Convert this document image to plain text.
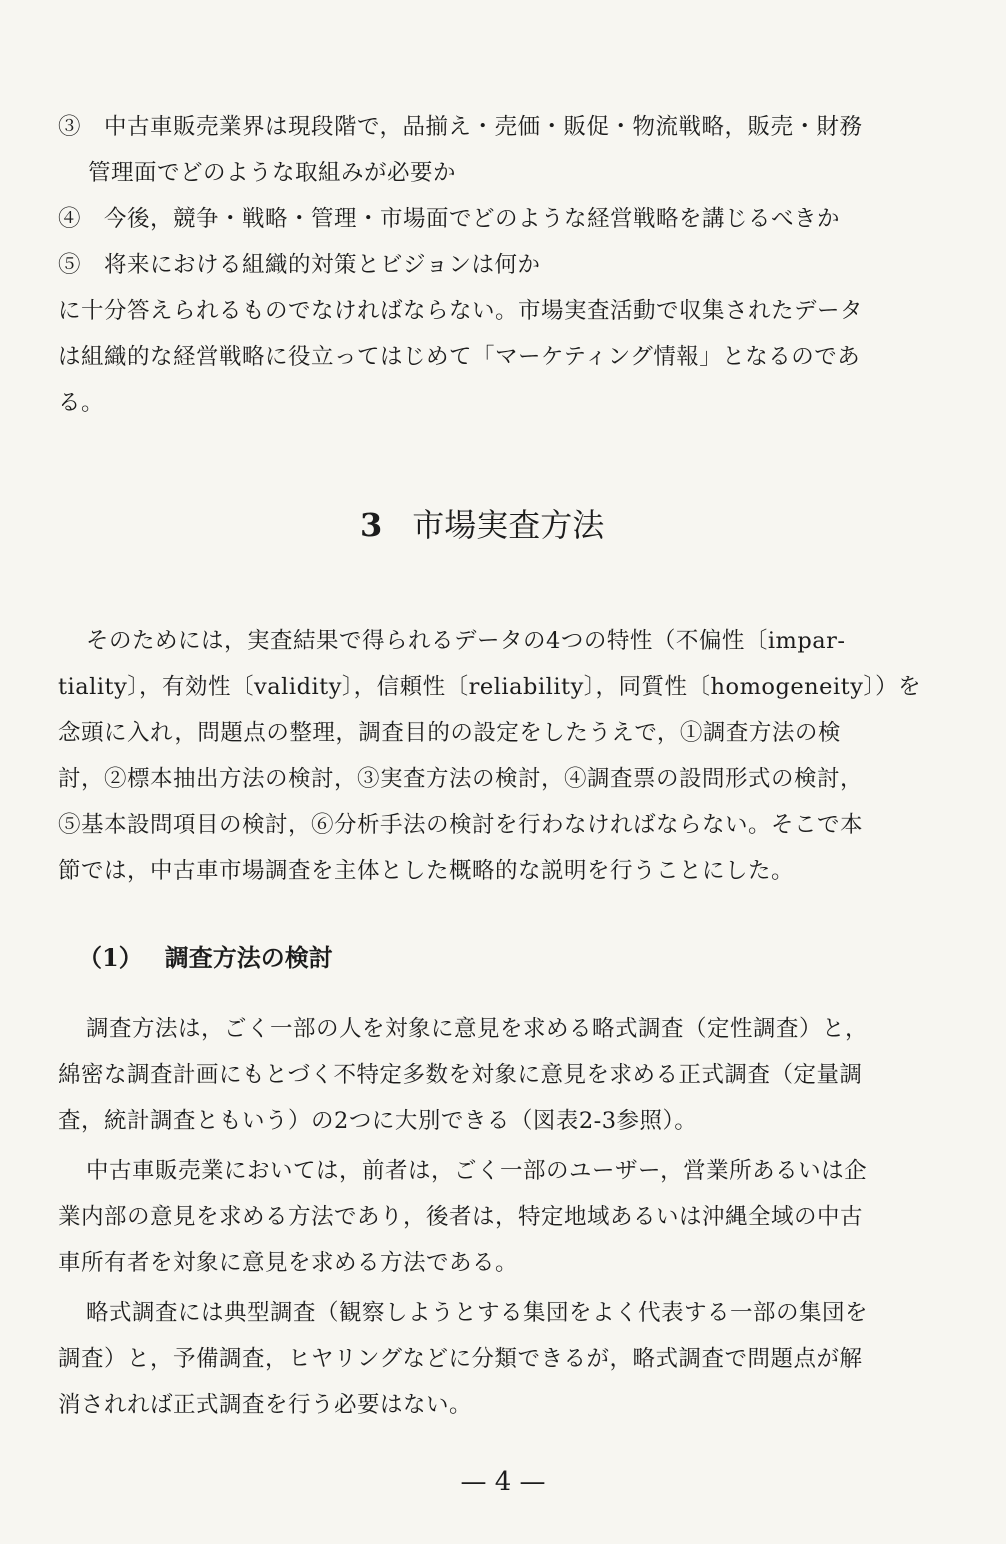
③　中古車販売業界は現段階で，品揃え・売価・販促・物流戦略，販売・財務
管理面でどのような取組みが必要か
④　今後，競争・戦略・管理・市場面でどのような経営戦略を講じるべきか
⑤　将来における組織的対策とビジョンは何か
に十分答えられるものでなければならない。市場実査活動で収集されたデータ
は組織的な経営戦略に役立ってはじめて「マーケティング情報」となるのであ
る。
3 市場実査方法
そのためには，実査結果で得られるデータの4つの特性（不偏性〔impar-
tiality〕，有効性〔validity〕，信頼性〔reliability〕，同質性〔homogeneity〕）を
念頭に入れ，問題点の整理，調査目的の設定をしたうえで，①調査方法の検
討，②標本抽出方法の検討，③実査方法の検討，④調査票の設問形式の検討，
⑤基本設問項目の検討，⑥分析手法の検討を行わなければならない。そこで本
節では，中古車市場調査を主体とした概略的な説明を行うことにした。
（1） 調査方法の検討
調査方法は，ごく一部の人を対象に意見を求める略式調査（定性調査）と，
綿密な調査計画にもとづく不特定多数を対象に意見を求める正式調査（定量調
査，統計調査ともいう）の2つに大別できる（図表2-3参照）。
中古車販売業においては，前者は，ごく一部のユーザー，営業所あるいは企
業内部の意見を求める方法であり，後者は，特定地域あるいは沖縄全域の中古
車所有者を対象に意見を求める方法である。
略式調査には典型調査（観察しようとする集団をよく代表する一部の集団を
調査）と，予備調査，ヒヤリングなどに分類できるが，略式調査で問題点が解
消されれば正式調査を行う必要はない。
— 4 —
